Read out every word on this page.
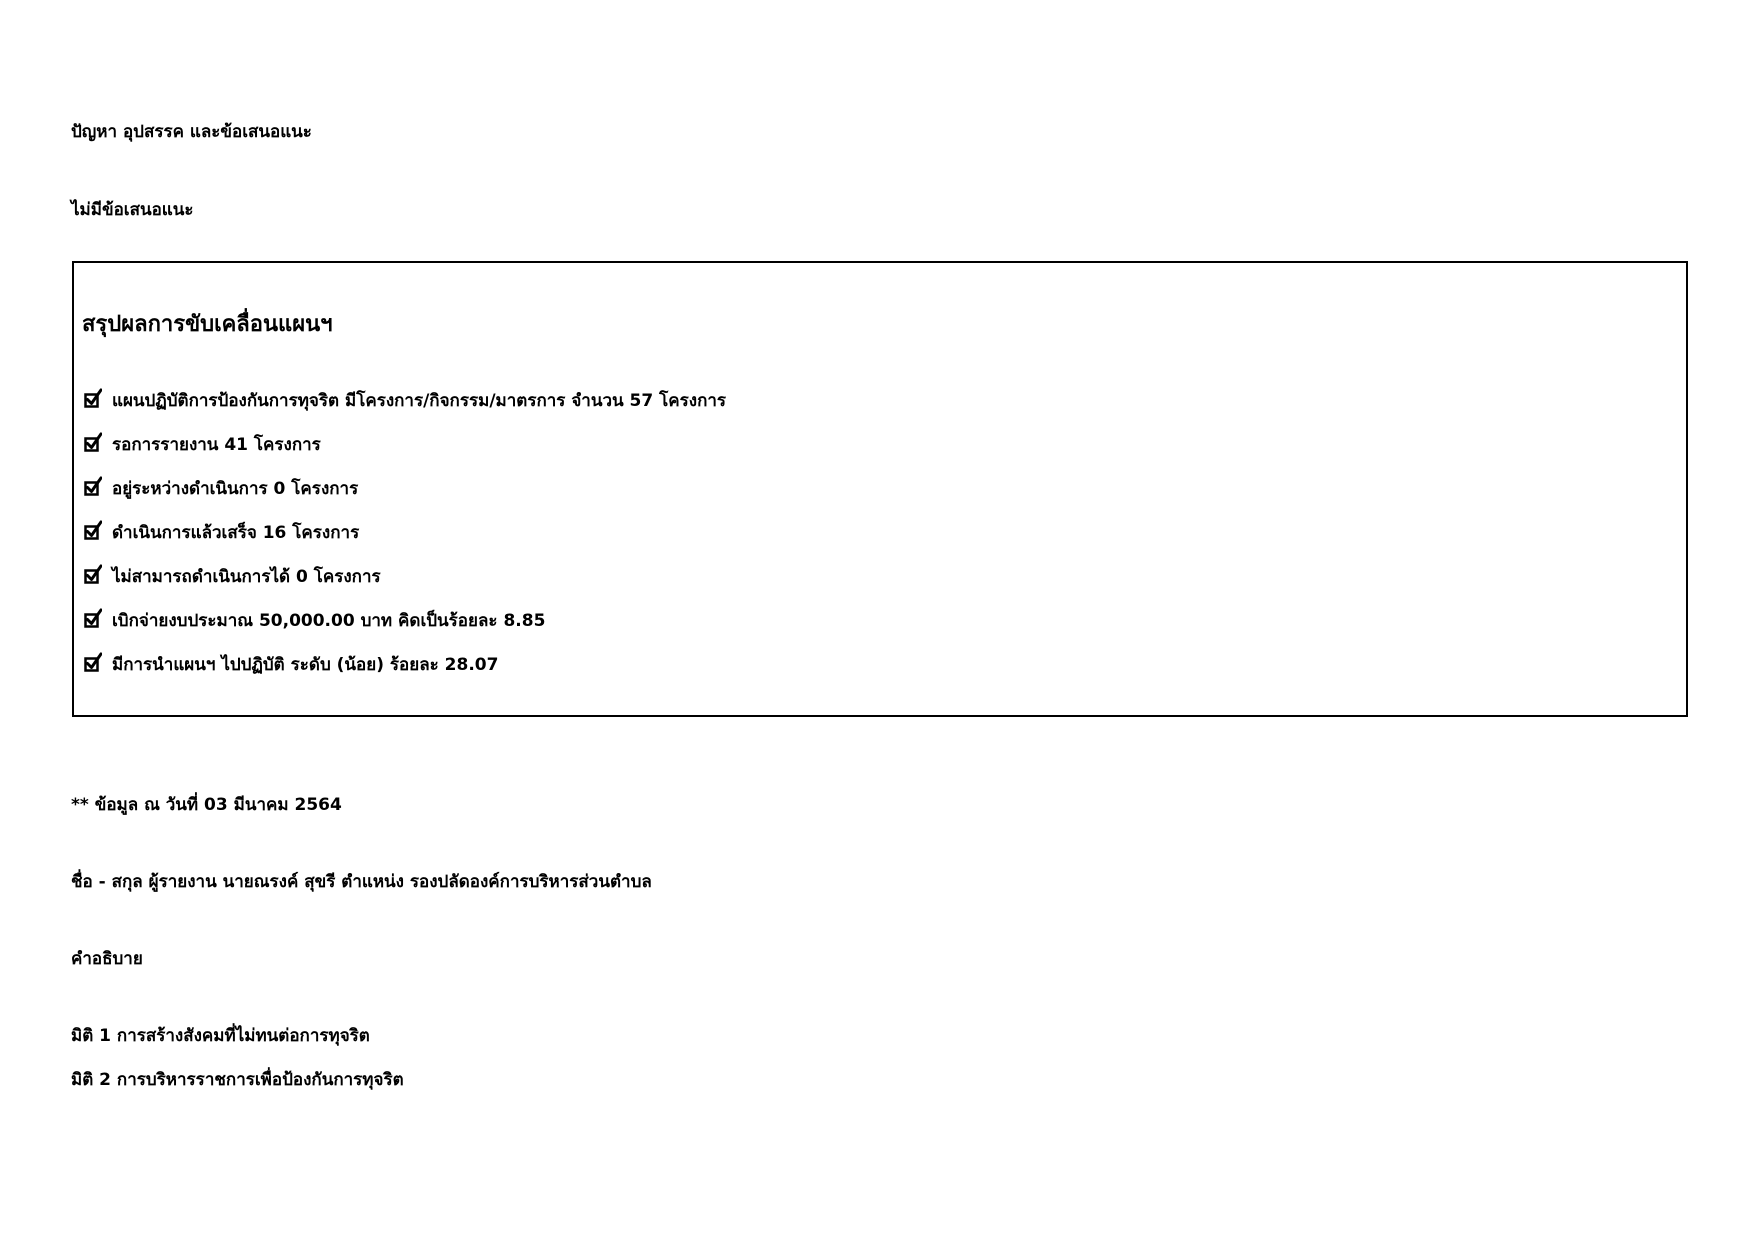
ปัญหา อุปสรรค และข้อเสนอแนะ
ไม่มีข้อเสนอแนะ
สรุปผลการขับเคลื่อนแผนฯ
แผนปฏิบัติการป้องกันการทุจริต มีโครงการ/กิจกรรม/มาตรการ จำนวน 57 โครงการ
รอการรายงาน 41 โครงการ
อยู่ระหว่างดำเนินการ 0 โครงการ
ดำเนินการแล้วเสร็จ 16 โครงการ
ไม่สามารถดำเนินการได้ 0 โครงการ
เบิกจ่ายงบประมาณ 50,000.00 บาท คิดเป็นร้อยละ 8.85
มีการนำแผนฯ ไปปฏิบัติ ระดับ (น้อย) ร้อยละ 28.07
** ข้อมูล ณ วันที่ 03 มีนาคม 2564
ชื่อ - สกุล ผู้รายงาน นายณรงค์ สุขรี ตำแหน่ง รองปลัดองค์การบริหารส่วนตำบล
คำอธิบาย
มิติ 1 การสร้างสังคมที่ไม่ทนต่อการทุจริต
มิติ 2 การบริหารราชการเพื่อป้องกันการทุจริต
